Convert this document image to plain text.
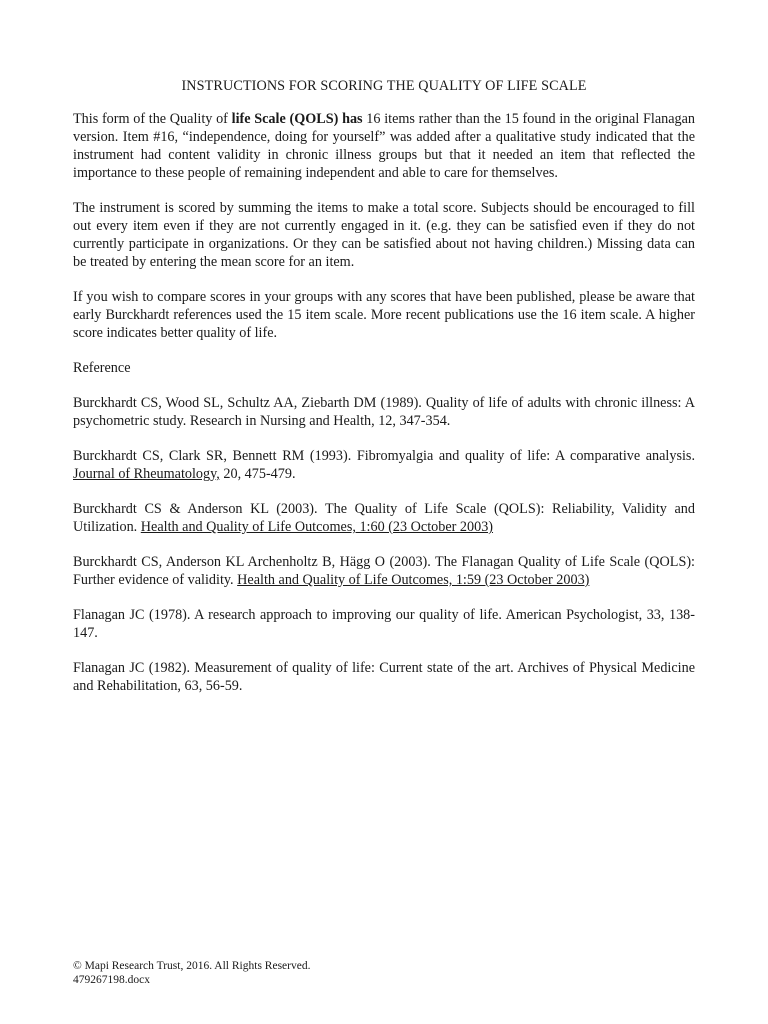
INSTRUCTIONS FOR SCORING THE QUALITY OF LIFE SCALE

This form of the Quality of life Scale (QOLS) has 16 items rather than the 15 found in the original Flanagan version. Item #16, “independence, doing for yourself” was added after a qualitative study indicated that the instrument had content validity in chronic illness groups but that it needed an item that reflected the importance to these people of remaining independent and able to care for themselves.

The instrument is scored by summing the items to make a total score. Subjects should be encouraged to fill out every item even if they are not currently engaged in it. (e.g. they can be satisfied even if they do not currently participate in organizations. Or they can be satisfied about not having children.) Missing data can be treated by entering the mean score for an item.

If you wish to compare scores in your groups with any scores that have been published, please be aware that early Burckhardt references used the 15 item scale. More recent publications use the 16 item scale. A higher score indicates better quality of life.

Reference

Burckhardt CS, Wood SL, Schultz AA, Ziebarth DM (1989). Quality of life of adults with chronic illness: A psychometric study. Research in Nursing and Health, 12, 347-354.

Burckhardt CS, Clark SR, Bennett RM (1993). Fibromyalgia and quality of life: A comparative analysis. Journal of Rheumatology, 20, 475-479.

Burckhardt CS & Anderson KL (2003). The Quality of Life Scale (QOLS): Reliability, Validity and Utilization. Health and Quality of Life Outcomes, 1:60 (23 October 2003)

Burckhardt CS, Anderson KL Archenholtz B, Hägg O (2003). The Flanagan Quality of Life Scale (QOLS): Further evidence of validity. Health and Quality of Life Outcomes, 1:59 (23 October 2003)

Flanagan JC (1978). A research approach to improving our quality of life. American Psychologist, 33, 138-147.

Flanagan JC (1982). Measurement of quality of life: Current state of the art. Archives of Physical Medicine and Rehabilitation, 63, 56-59.

© Mapi Research Trust, 2016. All Rights Reserved.
479267198.docx
